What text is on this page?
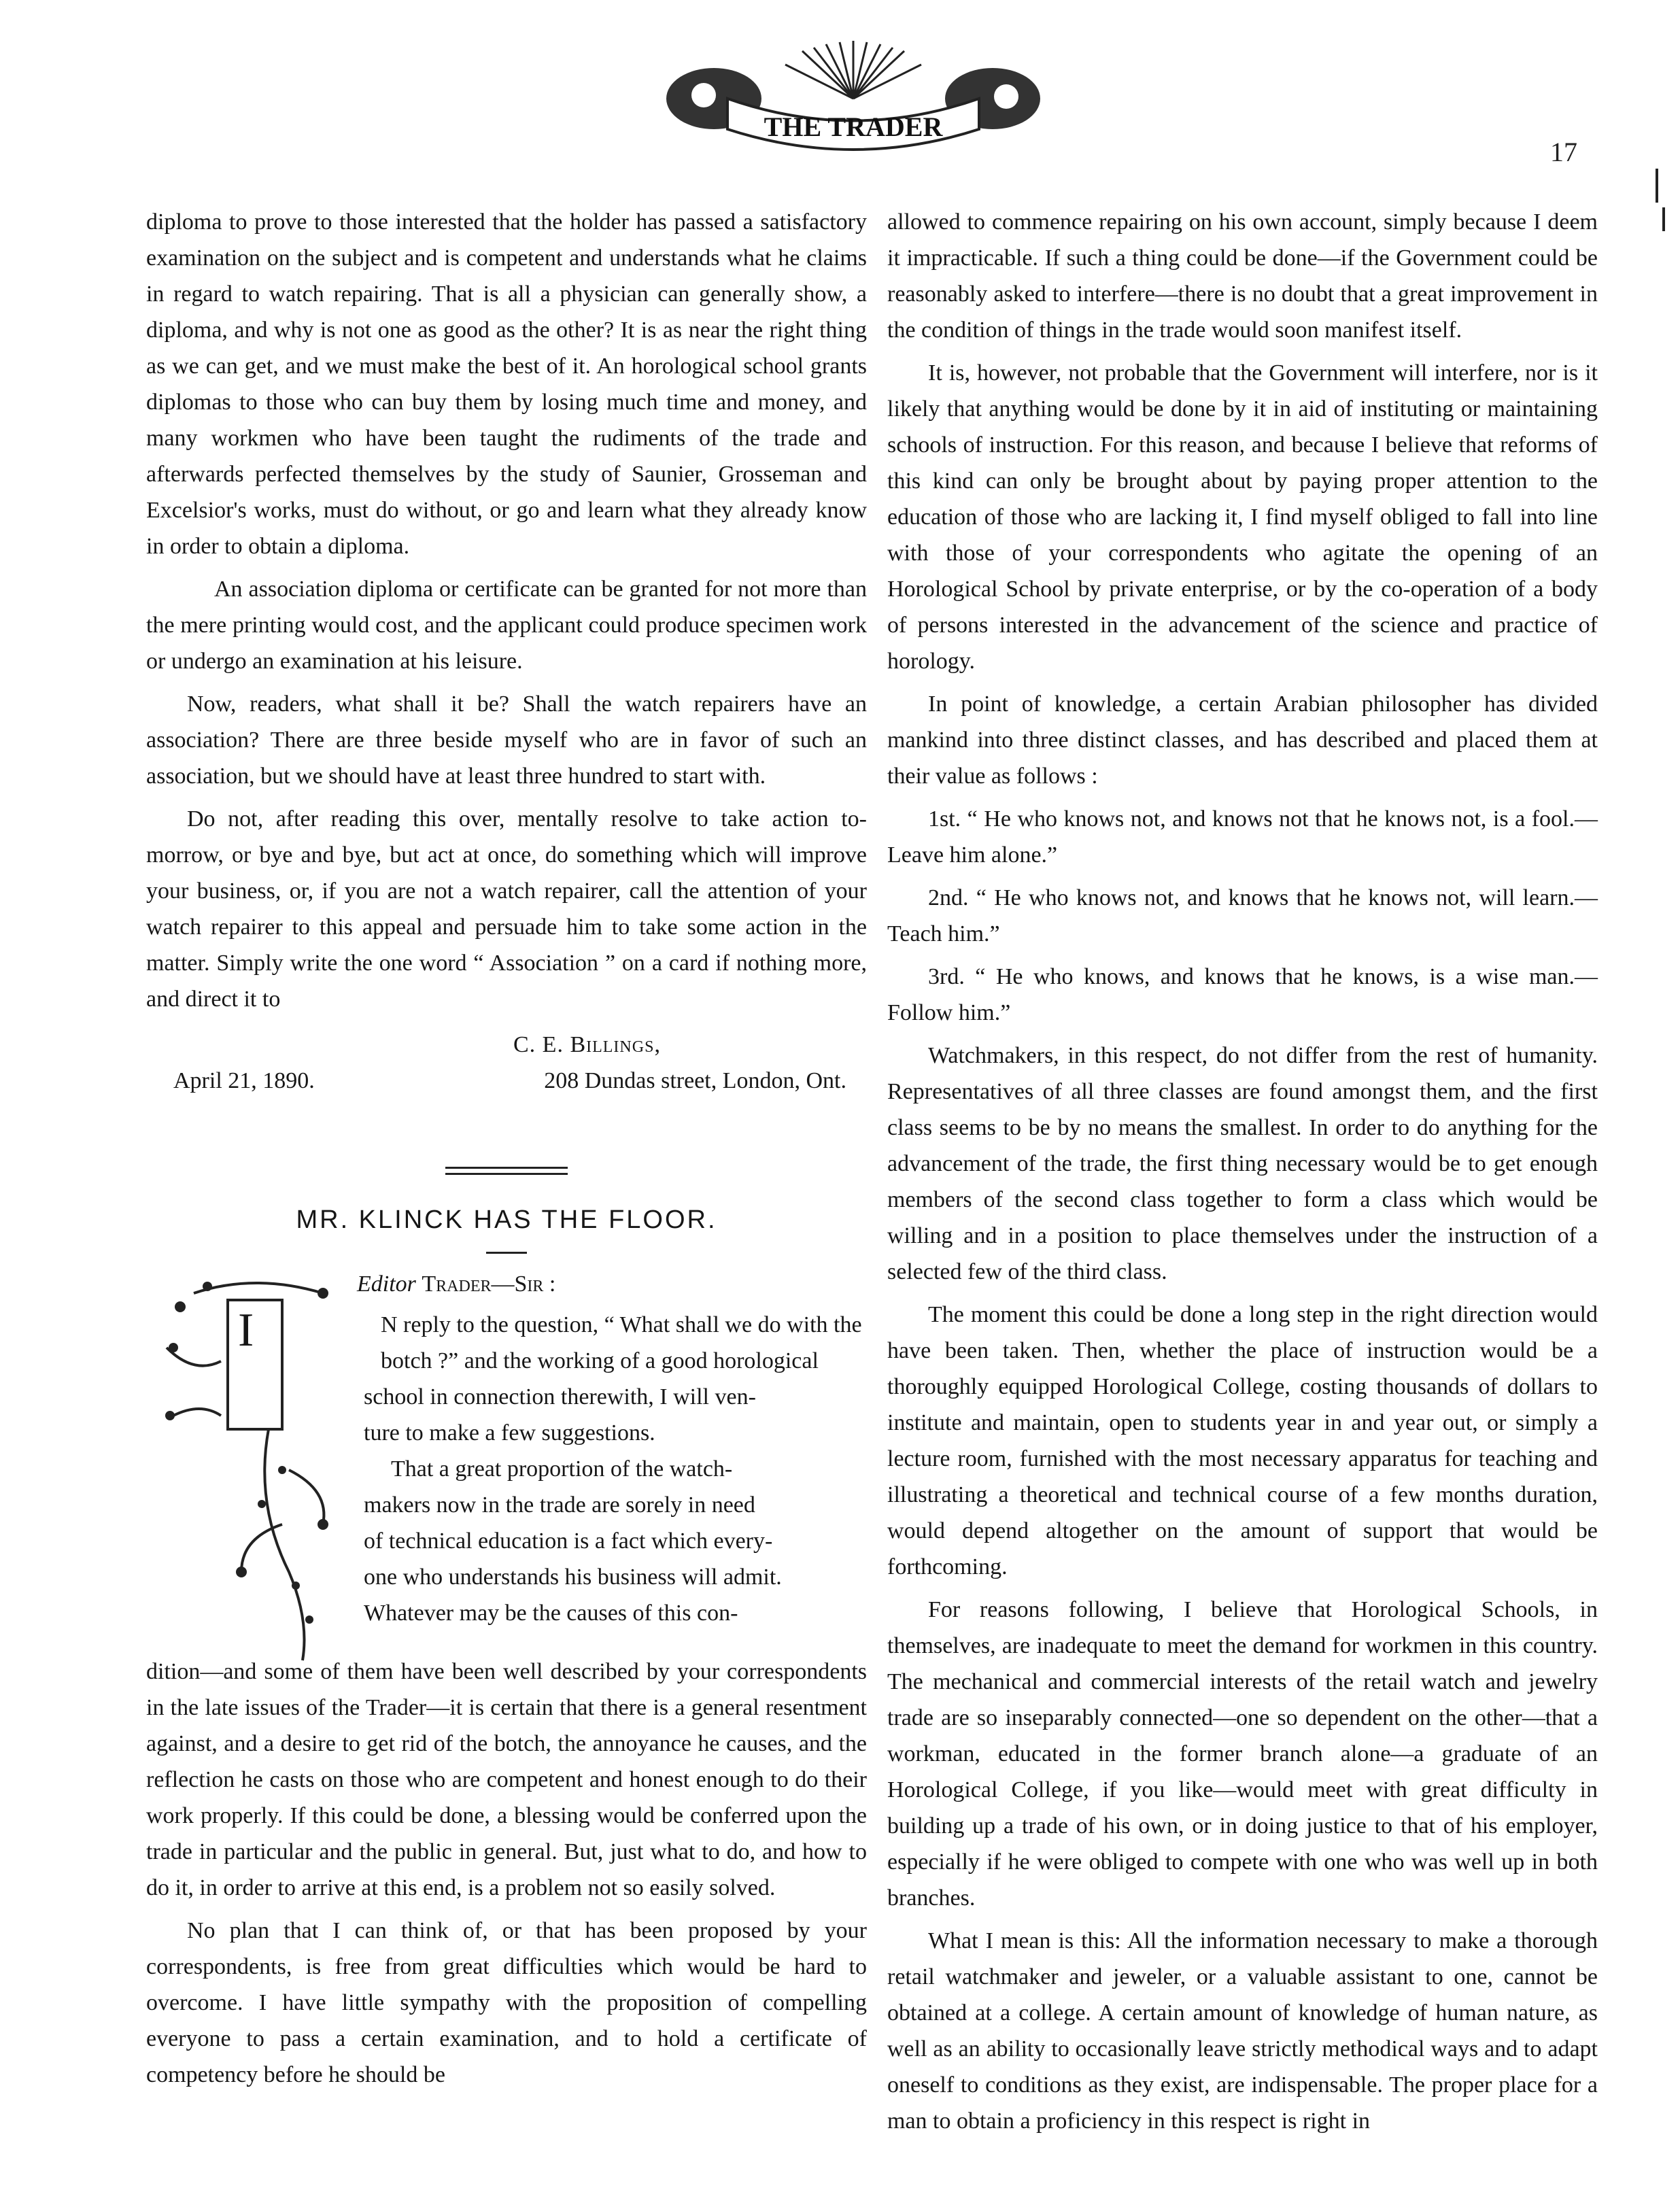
THE TRADER
17

diploma to prove to those interested that the holder has passed a satisfactory examination on the subject and is competent and understands what he claims in regard to watch repairing. That is all a physician can generally show, a diploma, and why is not one as good as the other? It is as near the right thing as we can get, and we must make the best of it. An horological school grants diplomas to those who can buy them by losing much time and money, and many workmen who have been taught the rudiments of the trade and afterwards perfected themselves by the study of Saunier, Grosseman and Excelsior's works, must do without, or go and learn what they already know in order to obtain a diploma.

An association diploma or certificate can be granted for not more than the mere printing would cost, and the applicant could produce specimen work or undergo an examination at his leisure.

Now, readers, what shall it be? Shall the watch repairers have an association? There are three beside myself who are in favor of such an association, but we should have at least three hundred to start with.

Do not, after reading this over, mentally resolve to take action to-morrow, or bye and bye, but act at once, do something which will improve your business, or, if you are not a watch repairer, call the attention of your watch repairer to this appeal and persuade him to take some action in the matter. Simply write the one word “ Association ” on a card if nothing more, and direct it to

C. E. Billings,
April 21, 1890.	208 Dundas street, London, Ont.
MR. KLINCK HAS THE FLOOR.
I
Editor Trader—Sir :
N reply to the question, “ What shall we do with the
botch ?” and the working of a good horological
school in connection therewith, I will ven-
ture to make a few suggestions.
That a great proportion of the watch-
makers now in the trade are sorely in need
of technical education is a fact which every-
one who understands his business will admit.
Whatever may be the causes of this con-

dition—and some of them have been well described by your correspondents in the late issues of the Trader—it is certain that there is a general resentment against, and a desire to get rid of the botch, the annoyance he causes, and the reflection he casts on those who are competent and honest enough to do their work properly. If this could be done, a blessing would be conferred upon the trade in particular and the public in general. But, just what to do, and how to do it, in order to arrive at this end, is a problem not so easily solved.

No plan that I can think of, or that has been proposed by your correspondents, is free from great difficulties which would be hard to overcome. I have little sympathy with the proposition of compelling everyone to pass a certain examination, and to hold a certificate of competency before he should be

allowed to commence repairing on his own account, simply because I deem it impracticable. If such a thing could be done—if the Government could be reasonably asked to interfere—there is no doubt that a great improvement in the condition of things in the trade would soon manifest itself.

It is, however, not probable that the Government will interfere, nor is it likely that anything would be done by it in aid of instituting or maintaining schools of instruction. For this reason, and because I believe that reforms of this kind can only be brought about by paying proper attention to the education of those who are lacking it, I find myself obliged to fall into line with those of your correspondents who agitate the opening of an Horological School by private enterprise, or by the co-operation of a body of persons interested in the advancement of the science and practice of horology.

In point of knowledge, a certain Arabian philosopher has divided mankind into three distinct classes, and has described and placed them at their value as follows :

1st. “ He who knows not, and knows not that he knows not, is a fool.—Leave him alone.”

2nd. “ He who knows not, and knows that he knows not, will learn.—Teach him.”

3rd. “ He who knows, and knows that he knows, is a wise man.—Follow him.”

Watchmakers, in this respect, do not differ from the rest of humanity. Representatives of all three classes are found amongst them, and the first class seems to be by no means the smallest. In order to do anything for the advancement of the trade, the first thing necessary would be to get enough members of the second class together to form a class which would be willing and in a position to place themselves under the instruction of a selected few of the third class.

The moment this could be done a long step in the right direction would have been taken. Then, whether the place of instruction would be a thoroughly equipped Horological College, costing thousands of dollars to institute and maintain, open to students year in and year out, or simply a lecture room, furnished with the most necessary apparatus for teaching and illustrating a theoretical and technical course of a few months duration, would depend altogether on the amount of support that would be forthcoming.

For reasons following, I believe that Horological Schools, in themselves, are inadequate to meet the demand for workmen in this country. The mechanical and commercial interests of the retail watch and jewelry trade are so inseparably connected—one so dependent on the other—that a workman, educated in the former branch alone—a graduate of an Horological College, if you like—would meet with great difficulty in building up a trade of his own, or in doing justice to that of his employer, especially if he were obliged to compete with one who was well up in both branches.

What I mean is this: All the information necessary to make a thorough retail watchmaker and jeweler, or a valuable assistant to one, cannot be obtained at a college. A certain amount of knowledge of human nature, as well as an ability to occasionally leave strictly methodical ways and to adapt oneself to conditions as they exist, are indispensable. The proper place for a man to obtain a proficiency in this respect is right in
